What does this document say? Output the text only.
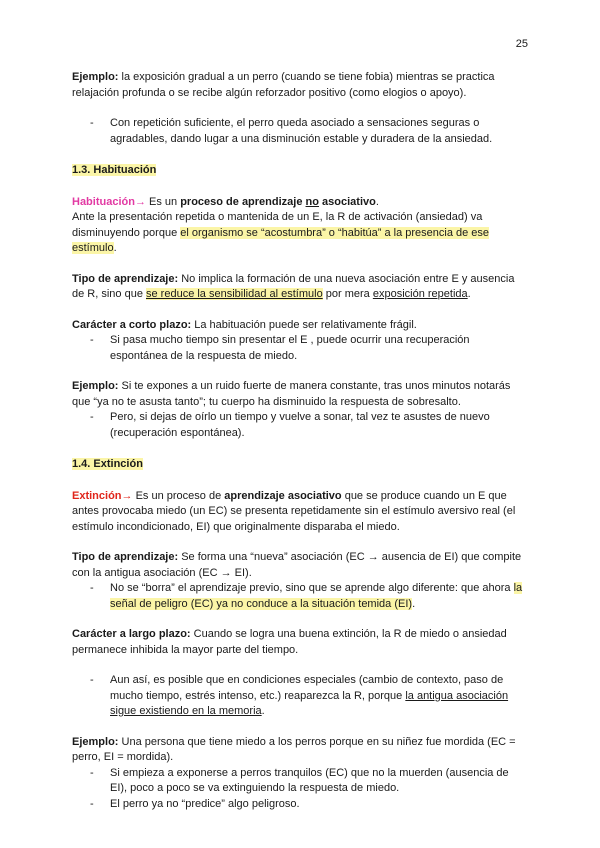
25

Ejemplo: la exposición gradual a un perro (cuando se tiene fobia) mientras se practica relajación profunda o se recibe algún reforzador positivo (como elogios o apoyo).

- Con repetición suficiente, el perro queda asociado a sensaciones seguras o agradables, dando lugar a una disminución estable y duradera de la ansiedad.

1.3. Habituación

Habituación→ Es un proceso de aprendizaje no asociativo.

Ante la presentación repetida o mantenida de un E, la R de activación (ansiedad) va disminuyendo porque el organismo se “acostumbra” o “habitúa” a la presencia de ese estímulo.

Tipo de aprendizaje: No implica la formación de una nueva asociación entre E y ausencia de R, sino que se reduce la sensibilidad al estímulo por mera exposición repetida.

Carácter a corto plazo: La habituación puede ser relativamente frágil.

- Si pasa mucho tiempo sin presentar el E , puede ocurrir una recuperación espontánea de la respuesta de miedo.

Ejemplo: Si te expones a un ruido fuerte de manera constante, tras unos minutos notarás que “ya no te asusta tanto”; tu cuerpo ha disminuido la respuesta de sobresalto.

- Pero, si dejas de oírlo un tiempo y vuelve a sonar, tal vez te asustes de nuevo (recuperación espontánea).

1.4. Extinción

Extinción→ Es un proceso de aprendizaje asociativo que se produce cuando un E que antes provocaba miedo (un EC) se presenta repetidamente sin el estímulo aversivo real (el estímulo incondicionado, EI) que originalmente disparaba el miedo.

Tipo de aprendizaje: Se forma una “nueva” asociación (EC → ausencia de EI) que compite con la antigua asociación (EC → EI).

- No se “borra” el aprendizaje previo, sino que se aprende algo diferente: que ahora la señal de peligro (EC) ya no conduce a la situación temida (EI).

Carácter a largo plazo: Cuando se logra una buena extinción, la R de miedo o ansiedad permanece inhibida la mayor parte del tiempo.

- Aun así, es posible que en condiciones especiales (cambio de contexto, paso de mucho tiempo, estrés intenso, etc.) reaparezca la R, porque la antigua asociación sigue existiendo en la memoria.

Ejemplo: Una persona que tiene miedo a los perros porque en su niñez fue mordida (EC = perro, EI = mordida).

- Si empieza a exponerse a perros tranquilos (EC) que no la muerden (ausencia de EI), poco a poco se va extinguiendo la respuesta de miedo.
- El perro ya no “predice” algo peligroso.
